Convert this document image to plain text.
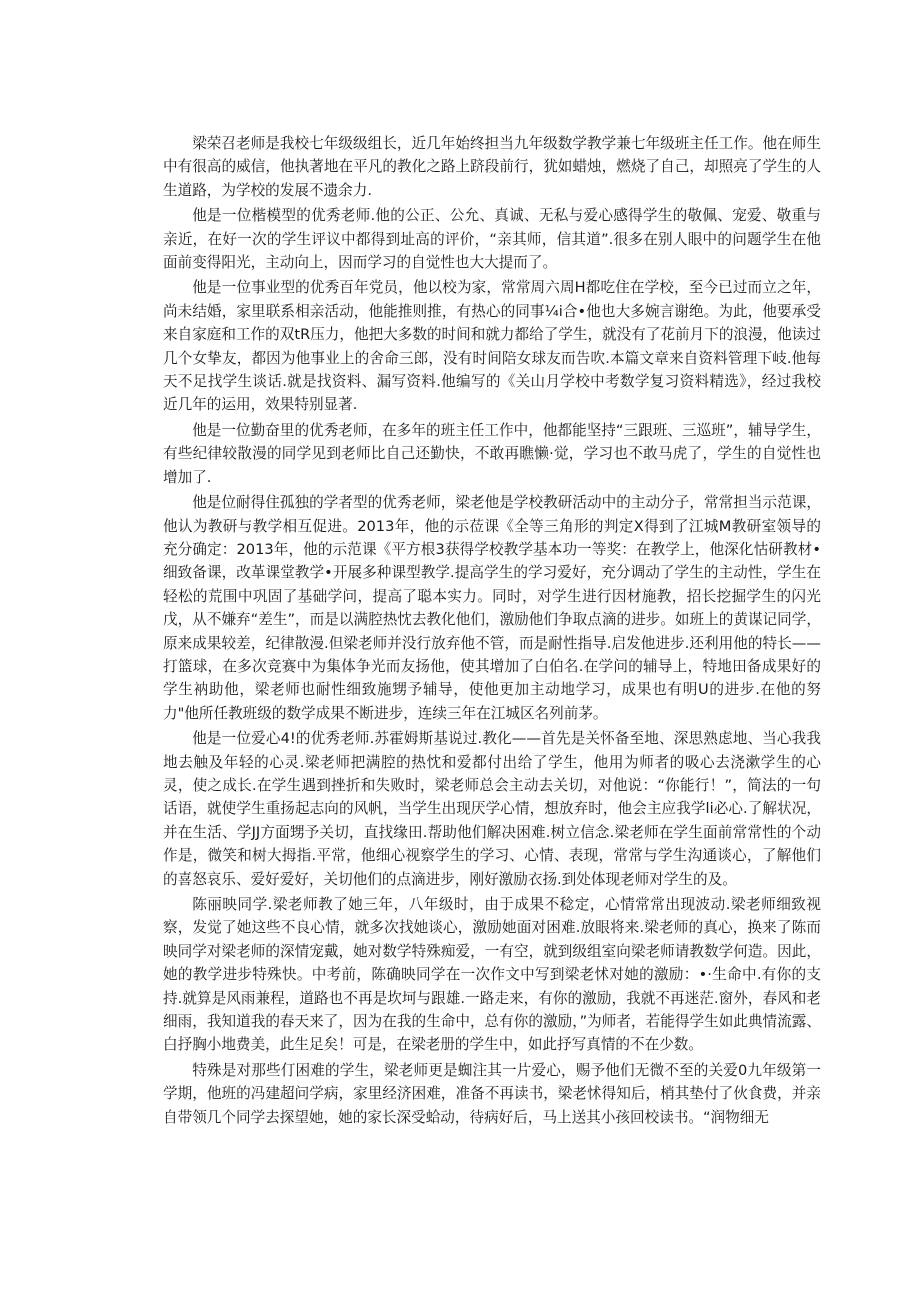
梁荣召老师是我校七年级级组长，近几年始终担当九年级数学教学兼七年级班主任工作。他在师生中有很高的威信，他执著地在平凡的教化之路上跻段前行，犹如蜡烛，燃烧了自己，却照亮了学生的人生道路，为学校的发展不遗余力.

他是一位楷模型的优秀老师.他的公正、公允、真诚、无私与爱心感得学生的敬佩、宠爱、敬重与亲近，在好一次的学生评议中都得到址高的评价，“亲其师，信其道”.很多在别人眼中的问题学生在他面前变得阳光，主动向上，因而学习的自觉性也大大提而了。

他是一位事业型的优秀百年党员，他以校为家，常常周六周H都吃住在学校，至今已过而立之年，尚未结婚，家里联系相亲活动，他能推则推，有热心的同事¼i合•他也大多婉言谢绝。为此，他要承受来自家庭和工作的双tR压力，他把大多数的时间和就力都给了学生，就没有了花前月下的浪漫，他读过几个女挚友，都因为他事业上的舍命三郎，没有时间陪女球友而告吹.本篇文章来自资料管理下岐.他每天不足找学生谈话.就是找资料、漏写资料.他编写的《关山月学校中考数学复习资料精选》，经过我校近几年的运用，效果特别显著.

他是一位勤奋里的优秀老师，在多年的班主任工作中，他都能坚持“三跟班、三巡班”，辅导学生，有些纪律较散漫的同学见到老师比自己还勤快，不敢再瞧懒·觉，学习也不敢马虎了，学生的自觉性也增加了.

他是位耐得住孤独的学者型的优秀老师，梁老他是学校教研活动中的主动分子，常常担当示范课，他认为教研与教学相互促进。2013年，他的示莅课《全等三角形的判定X得到了江城M教研室领导的充分确定：2013年，他的示范课《平方根3获得学校教学基本功一等奖：在教学上，他深化怙研教材•细致备课，改革课堂教学•开展多种课型教学.提高学生的学习爱好，充分调动了学生的主动性，学生在轻松的荒围中巩固了基础学问，提高了聪本实力。同时，对学生进行因材施教，招长挖掘学生的闪光戊，从不嫌弃“差生”，而是以满腔热忱去教化他们，激励他们争取点滴的进步。如班上的黄谋记同学，原来成果较差，纪律散漫.但梁老师并没行放弃他不管，而是耐性指导.启发他进步.还利用他的特长——打篮球，在多次竞赛中为集体争光而友扬他，使其增加了白伯名.在学问的辅导上，特地田备成果好的学生衲助他，梁老师也耐性细致施甥予辅导，使他更加主动地学习，成果也有明U的进步.在他的努力"他所任教班级的数学成果不断进步，连续三年在江城区名列前茅。

他是一位爱心4!的优秀老师.苏霍姆斯基说过.教化——首先是关怀备至地、深思熟虑地、当心我我地去触及年轻的心灵.梁老师把满腔的热忱和爱都付出给了学生，他用为师者的吸心去浇漱学生的心灵，使之成长.在学生遇到挫折和失败时，梁老师总会主动去关切，对他说：“你能行！”，简法的一句话语，就使学生重扬起志向的风帆，当学生出现厌学心情，想放弃时，他会主应我学li必心.了解状况，并在生活、学JJ方面甥予关切，直找缘田.帮助他们解决困难.树立信念.梁老师在学生面前常常性的个动作是，微笑和树大拇指.平常，他细心视察学生的学习、心情、表现，常常与学生沟通谈心，了解他们的喜怒哀乐、爱好爱好，关切他们的点滴进步，刚好激励衣扬.到处体现老师对学生的及。

陈丽映同学.梁老师教了她三年，八年级时，由于成果不稔定，心情常常出现波动.梁老师细致视察，发觉了她这些不良心情，就多次找她谈心，激励她面对困难.放眼将来.梁老师的真心，换来了陈而映同学对梁老师的深情宠戴，她对数学特殊痴爱，一有空，就到级组室向梁老师请教数学何造。因此，她的教学进步特殊快。中考前，陈确映同学在一次作文中写到梁老怵对她的激励：•·生命中.有你的支持.就算是风雨兼程，道路也不再是坎坷与跟雄.一路走来，有你的激励，我就不再迷茫.窗外，春风和老细雨，我知道我的春天来了，因为在我的生命中，总有你的激励，”为师者，若能得学生如此典情流露、白抒胸小地费美，此生足矣！可是，在梁老册的学生中，如此抒写真情的不在少数。

特殊是对那些仃困难的学生，梁老师更是蜘注其一片爱心，赐予他们无微不至的关爱0九年级第一学期，他班的冯建超问学病，家里经济困难，准备不再读书，梁老怵得知后，梢其垫付了伙食费，并亲自带领几个同学去探望她，她的家长深受蛤动，待病好后，马上送其小孩回校读书。“润物细无
